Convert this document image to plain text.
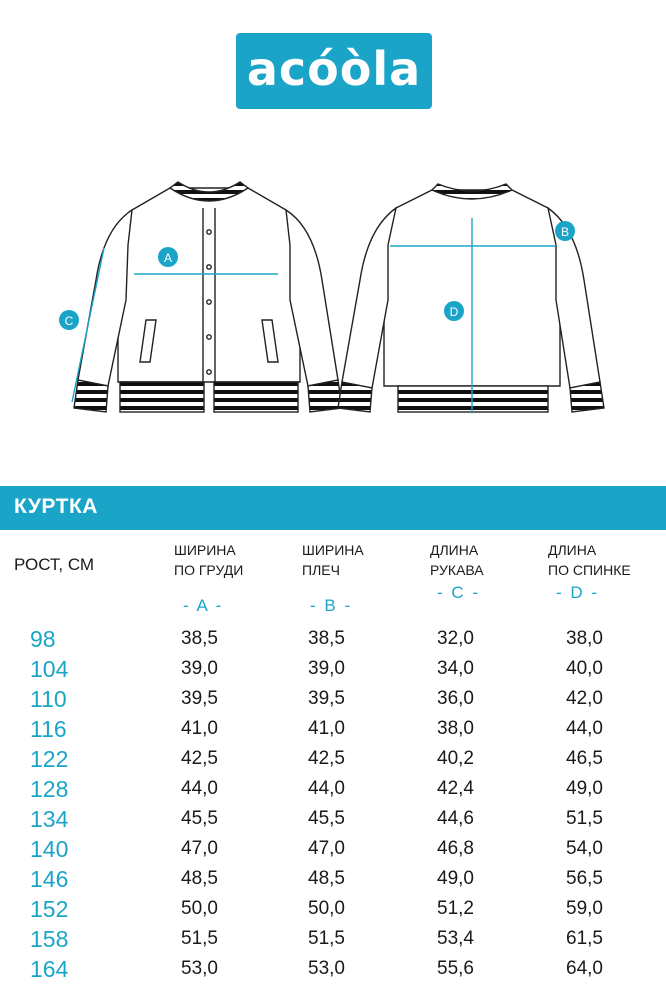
acóòla
A
C
B
D
КУРТКА
РОСТ, СМ
ШИРИНА
ПО ГРУДИ
- A -
ШИРИНА
ПЛЕЧ
- B -
ДЛИНА
РУКАВА
- C -
ДЛИНА
ПО СПИНКЕ
- D -
98	38,5	38,5	32,0	38,0
104	39,0	39,0	34,0	40,0
110	39,5	39,5	36,0	42,0
116	41,0	41,0	38,0	44,0
122	42,5	42,5	40,2	46,5
128	44,0	44,0	42,4	49,0
134	45,5	45,5	44,6	51,5
140	47,0	47,0	46,8	54,0
146	48,5	48,5	49,0	56,5
152	50,0	50,0	51,2	59,0
158	51,5	51,5	53,4	61,5
164	53,0	53,0	55,6	64,0
